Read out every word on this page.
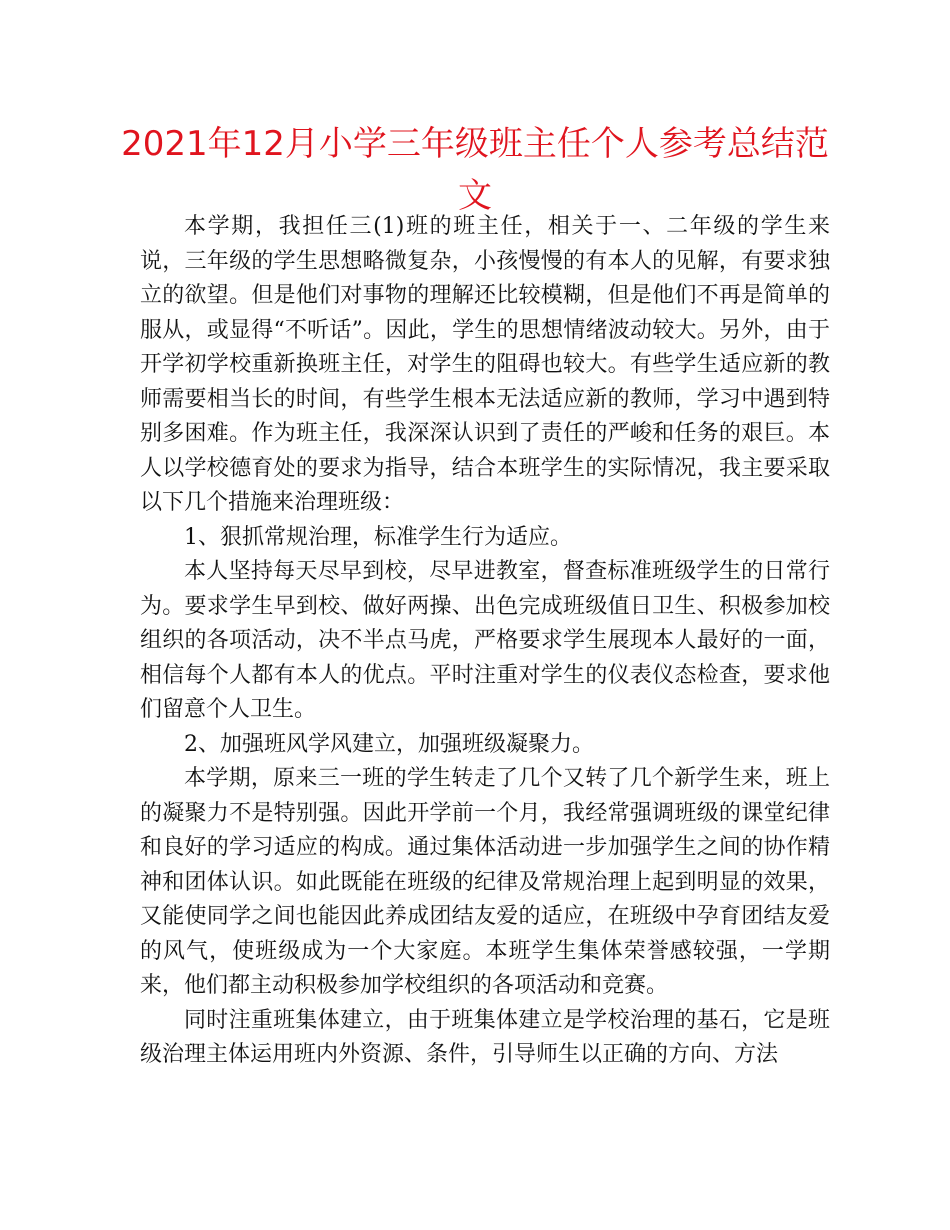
2021年12月小学三年级班主任个人参考总结范文

本学期，我担任三(1)班的班主任，相关于一、二年级的学生来说，三年级的学生思想略微复杂，小孩慢慢的有本人的见解，有要求独立的欲望。但是他们对事物的理解还比较模糊，但是他们不再是简单的服从，或显得“不听话”。因此，学生的思想情绪波动较大。另外，由于开学初学校重新换班主任，对学生的阻碍也较大。有些学生适应新的教师需要相当长的时间，有些学生根本无法适应新的教师，学习中遇到特别多困难。作为班主任，我深深认识到了责任的严峻和任务的艰巨。本人以学校德育处的要求为指导，结合本班学生的实际情况，我主要采取以下几个措施来治理班级：

1、狠抓常规治理，标准学生行为适应。

本人坚持每天尽早到校，尽早进教室，督查标准班级学生的日常行为。要求学生早到校、做好两操、出色完成班级值日卫生、积极参加校组织的各项活动，决不半点马虎，严格要求学生展现本人最好的一面，相信每个人都有本人的优点。平时注重对学生的仪表仪态检查，要求他们留意个人卫生。

2、加强班风学风建立，加强班级凝聚力。

本学期，原来三一班的学生转走了几个又转了几个新学生来，班上的凝聚力不是特别强。因此开学前一个月，我经常强调班级的课堂纪律和良好的学习适应的构成。通过集体活动进一步加强学生之间的协作精神和团体认识。如此既能在班级的纪律及常规治理上起到明显的效果，又能使同学之间也能因此养成团结友爱的适应，在班级中孕育团结友爱的风气，使班级成为一个大家庭。本班学生集体荣誉感较强，一学期来，他们都主动积极参加学校组织的各项活动和竞赛。

同时注重班集体建立，由于班集体建立是学校治理的基石，它是班级治理主体运用班内外资源、条件，引导师生以正确的方向、方法
